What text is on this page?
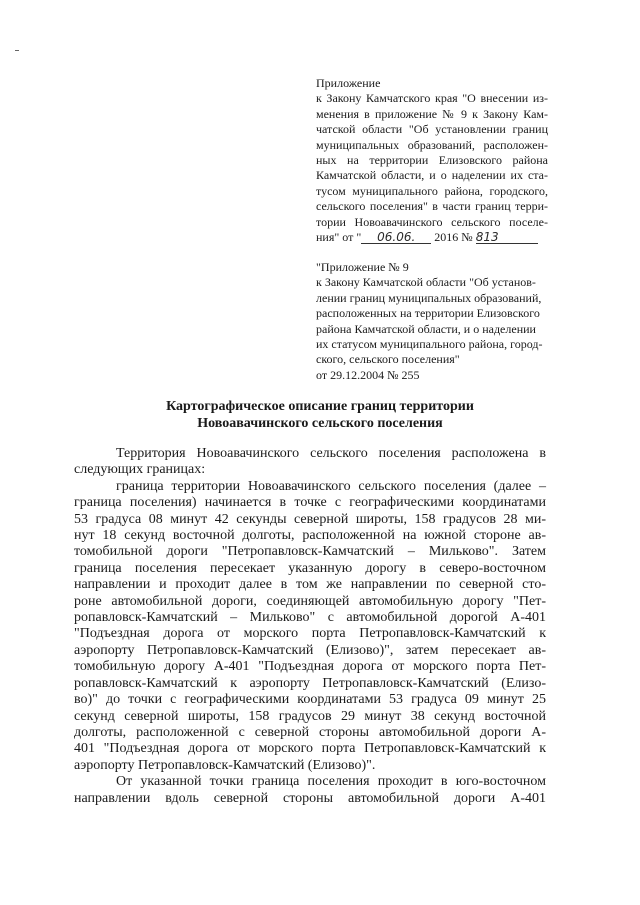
Приложение
к Закону Камчатского края "О внесении из-
менения в приложение № 9 к Закону Кам-
чатской области "Об установлении границ
муниципальных образований, расположен-
ных на территории Елизовского района
Камчатской области, и о наделении их ста-
тусом муниципального района, городского,
сельского поселения" в части границ терри-
тории Новоавачинского сельского поселе-
ния" от " 06.06. 2016 № 813
"Приложение № 9
к Закону Камчатской области "Об установ-
лении границ муниципальных образований,
расположенных на территории Елизовского
района Камчатской области, и о наделении
их статусом муниципального района, город-
ского, сельского поселения"
от 29.12.2004 № 255
Картографическое описание границ территории
Новоавачинского сельского поселения
Территория Новоавачинского сельского поселения расположена в
следующих границах:
граница территории Новоавачинского сельского поселения (далее –
граница поселения) начинается в точке с географическими координатами
53 градуса 08 минут 42 секунды северной широты, 158 градусов 28 ми-
нут 18 секунд восточной долготы, расположенной на южной стороне ав-
томобильной дороги "Петропавловск-Камчатский – Мильково". Затем
граница поселения пересекает указанную дорогу в северо-восточном
направлении и проходит далее в том же направлении по северной сто-
роне автомобильной дороги, соединяющей автомобильную дорогу "Пет-
ропавловск-Камчатский – Мильково" с автомобильной дорогой А-401
"Подъездная дорога от морского порта Петропавловск-Камчатский к
аэропорту Петропавловск-Камчатский (Елизово)", затем пересекает ав-
томобильную дорогу А-401 "Подъездная дорога от морского порта Пет-
ропавловск-Камчатский к аэропорту Петропавловск-Камчатский (Елизо-
во)" до точки с географическими координатами 53 градуса 09 минут 25
секунд северной широты, 158 градусов 29 минут 38 секунд восточной
долготы, расположенной с северной стороны автомобильной дороги А-
401 "Подъездная дорога от морского порта Петропавловск-Камчатский к
аэропорту Петропавловск-Камчатский (Елизово)".
От указанной точки граница поселения проходит в юго-восточном
направлении вдоль северной стороны автомобильной дороги А-401
